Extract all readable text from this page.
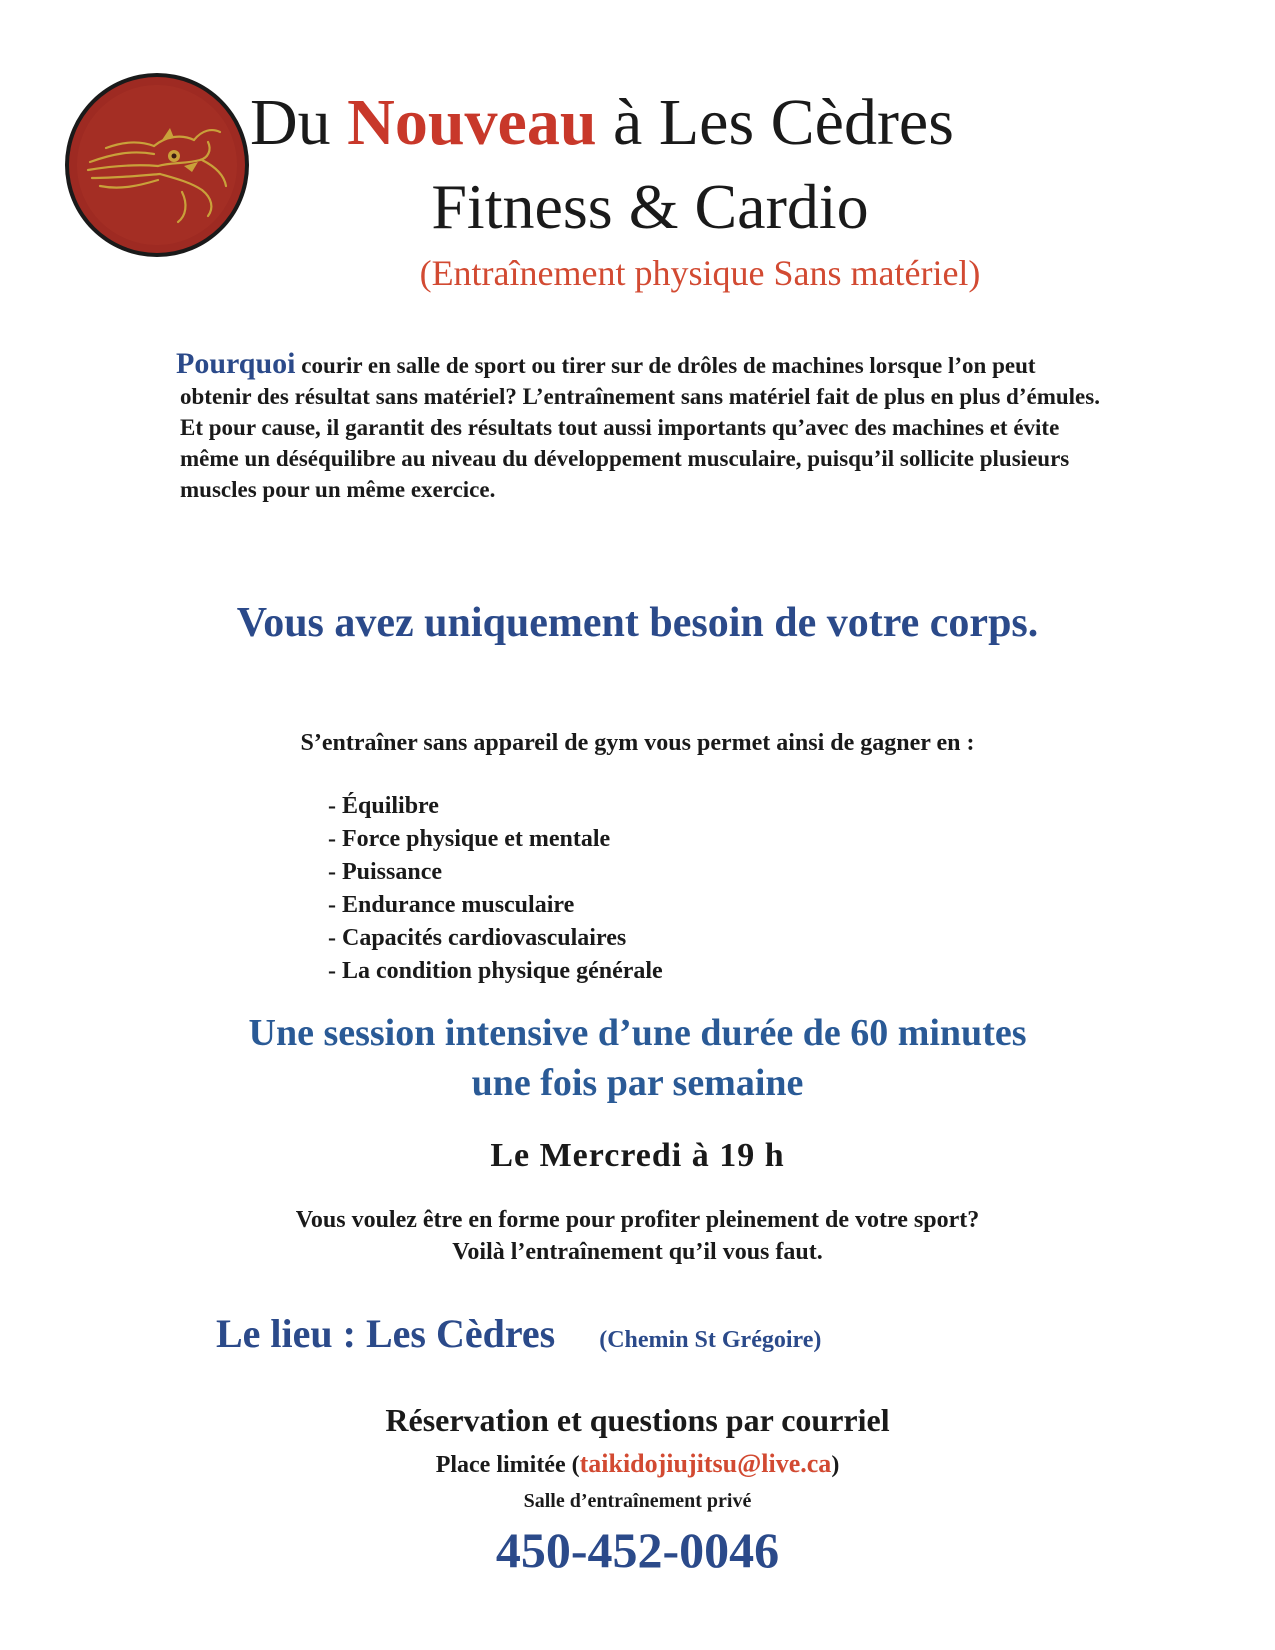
Du Nouveau à Les Cèdres
Fitness & Cardio
(Entraînement physique Sans matériel)
Pourquoi courir en salle de sport ou tirer sur de drôles de machines lorsque l’on peut obtenir des résultat sans matériel? L’entraînement sans matériel fait de plus en plus d’émules. Et pour cause, il garantit des résultats tout aussi importants qu’avec des machines et évite même un déséquilibre au niveau du développement musculaire, puisqu’il sollicite plusieurs muscles pour un même exercice.
Vous avez uniquement besoin de votre corps.
S’entraîner sans appareil de gym vous permet ainsi de gagner en :
- Équilibre
- Force physique et mentale
- Puissance
- Endurance musculaire
- Capacités cardiovasculaires
- La condition physique générale
Une session intensive d’une durée de 60 minutes
une fois par semaine
Le Mercredi à 19 h
Vous voulez être en forme pour profiter pleinement de votre sport?
Voilà l’entraînement qu’il vous faut.
Le lieu : Les Cèdres (Chemin St Grégoire)
Réservation et questions par courriel
Place limitée (taikidojiujitsu@live.ca)
Salle d’entraînement privé
450-452-0046
